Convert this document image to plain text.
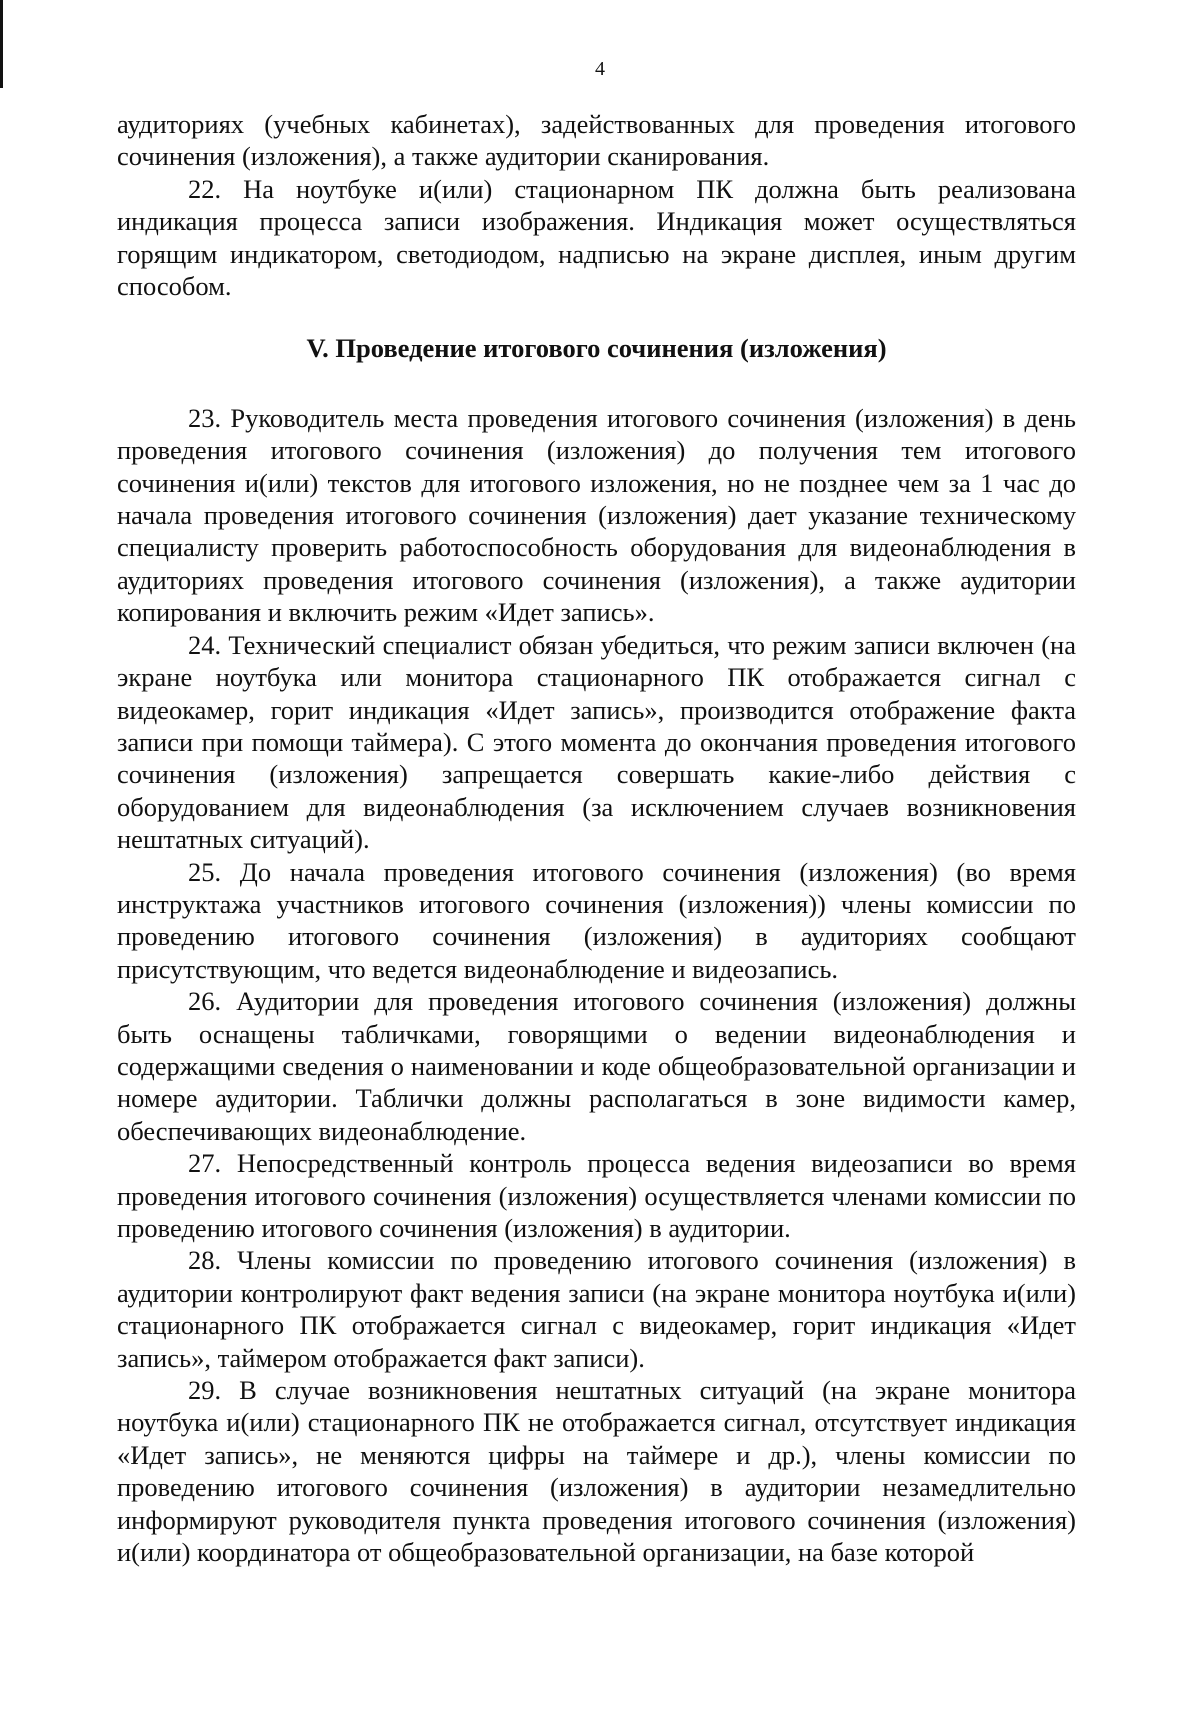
4

аудиториях (учебных кабинетах), задействованных для проведения итогового сочинения (изложения), а также аудитории сканирования.

22. На ноутбуке и(или) стационарном ПК должна быть реализована индикация процесса записи изображения. Индикация может осуществляться горящим индикатором, светодиодом, надписью на экране дисплея, иным другим способом.

V. Проведение итогового сочинения (изложения)

23. Руководитель места проведения итогового сочинения (изложения) в день проведения итогового сочинения (изложения) до получения тем итогового сочинения и(или) текстов для итогового изложения, но не позднее чем за 1 час до начала проведения итогового сочинения (изложения) дает указание техническому специалисту проверить работоспособность оборудования для видеонаблюдения в аудиториях проведения итогового сочинения (изложения), а также аудитории копирования и включить режим «Идет запись».

24. Технический специалист обязан убедиться, что режим записи включен (на экране ноутбука или монитора стационарного ПК отображается сигнал с видеокамер, горит индикация «Идет запись», производится отображение факта записи при помощи таймера). С этого момента до окончания проведения итогового сочинения (изложения) запрещается совершать какие-либо действия с оборудованием для видеонаблюдения (за исключением случаев возникновения нештатных ситуаций).

25. До начала проведения итогового сочинения (изложения) (во время инструктажа участников итогового сочинения (изложения)) члены комиссии по проведению итогового сочинения (изложения) в аудиториях сообщают присутствующим, что ведется видеонаблюдение и видеозапись.

26. Аудитории для проведения итогового сочинения (изложения) должны быть оснащены табличками, говорящими о ведении видеонаблюдения и содержащими сведения о наименовании и коде общеобразовательной организации и номере аудитории. Таблички должны располагаться в зоне видимости камер, обеспечивающих видеонаблюдение.

27. Непосредственный контроль процесса ведения видеозаписи во время проведения итогового сочинения (изложения) осуществляется членами комиссии по проведению итогового сочинения (изложения) в аудитории.

28. Члены комиссии по проведению итогового сочинения (изложения) в аудитории контролируют факт ведения записи (на экране монитора ноутбука и(или) стационарного ПК отображается сигнал с видеокамер, горит индикация «Идет запись», таймером отображается факт записи).

29. В случае возникновения нештатных ситуаций (на экране монитора ноутбука и(или) стационарного ПК не отображается сигнал, отсутствует индикация «Идет запись», не меняются цифры на таймере и др.), члены комиссии по проведению итогового сочинения (изложения) в аудитории незамедлительно информируют руководителя пункта проведения итогового сочинения (изложения) и(или) координатора от общеобразовательной организации, на базе которой
